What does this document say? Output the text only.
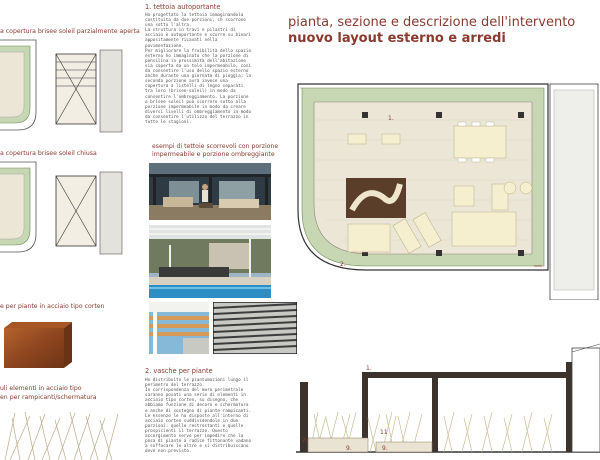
a copertura brisee soleil parzialmente aperta
a copertura brisee soleil chiusa
e per piante in acciaio tipo corten
uli elementi in acciaio tipo
en per rampicanti/schermatura
1. tettoia autoportante
Ho progettato la tettoia immaginandola
costituita da due porzioni, ch scorrono
una sotto l'altra.
La struttura in travi e pilastri di
acciaio è autoportante e scorre su binari
appositamente ricavati nella
pavimentazione.
Per migliorare la fruibilità dello spazio
esterno ho immaginato che la porzione di
pensilina in prossimità dell'abitazione
sia coperta da un telo impermeabile, così
da consentire l'uso dello spazio esterno
anche durante una giornata di pioggia; la
seconda porzione avrà invece una
copertura a listelli di legno separati
tra loro (brisee-soleil) in modo da
consentire l'ombreggiamento. La porzione
a brisee soleil può scorrere sotto alla
porzione impermeabile in modo da creare
diversi livelli di ombreggiamento in modo
da consentire l'utilizzo del terrazzo in
tutte le stagioni.
esempi di tettoie scorrevoli con porzione
impermeabile e porzione ombreggiante
2. vasche per piante
Ho distribuito le piantumazioni lungo il
perimetro del terrazzo.
In corrispondenza del muro perimetrale
saranno posati una serie di elementi in
acciaio tipo corten, su disegno, che
abbiamo funzione di decoro e schermatura
e anche di sostegno di piante rampicanti.
Le essenze le ho disposte all'interno di
acciaio corten suddividendole in due
porzioni: quelle restrostanti e quelle
prospicienti il terrazzo. Questo
accorgimento serve per impedire che la
posa di piante a radice fittonante vadano
a soffocare le altre e si distribuiscano
dove non previsto.
pianta, sezione e descrizione dell'intervento
nuovo layout esterno e arredi
1.
2.
1.
2.
11
9.	9.
